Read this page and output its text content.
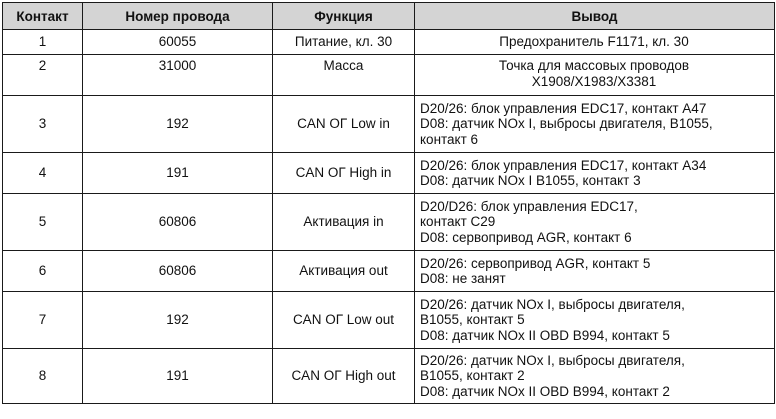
Контакт	Номер провода	Функция	Вывод
1	60055	Питание, кл. 30	Предохранитель F1171, кл. 30

2	31000	Масса	Точка для массовых проводов
X1908/X1983/X3381

3	192	CAN ОГ Low in	D20/26: блок управления EDC17, контакт A47
D08: датчик NOx I, выбросы двигателя, B1055,
контакт 6

4	191	CAN ОГ High in	D20/26: блок управления EDC17, контакт A34
D08: датчик NOx I B1055, контакт 3

5	60806	Активация in	D20/D26: блок управления EDC17,
контакт C29
D08: сервопривод AGR, контакт 6

6	60806	Активация out	D20/26: сервопривод AGR, контакт 5
D08: не занят

7	192	CAN ОГ Low out	D20/26: датчик NOx I, выбросы двигателя,
B1055, контакт 5
D08: датчик NOx II OBD B994, контакт 5

8	191	CAN ОГ High out	D20/26: датчик NOx I, выбросы двигателя,
B1055, контакт 2
D08: датчик NOx II OBD B994, контакт 2
